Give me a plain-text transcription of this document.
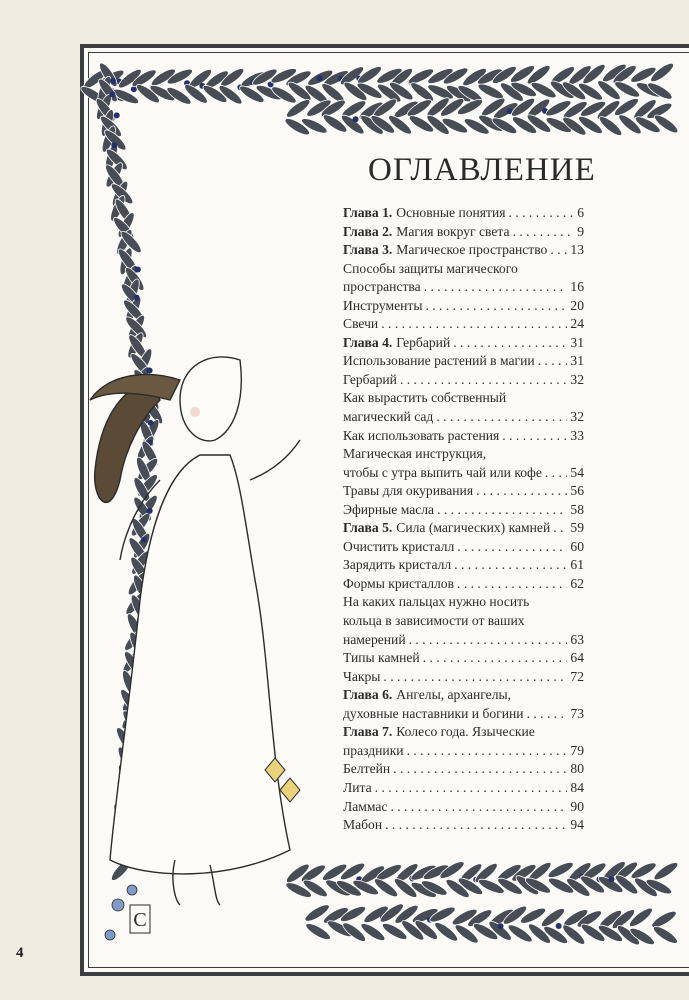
C
ОГЛАВЛЕНИЕ
Глава 1. Основные понятия . . .	6
Глава 2. Магия вокруг света . . .	9
Глава 3. Магическое пространство . . . 13
Способы защиты магического
пространства . . .	16
Инструменты . . .	20
Свечи . . .	24
Глава 4. Гербарий . . .	31
Использование растений в магии . . .	31
Гербарий . . .	32
Как вырастить собственный
магический сад . . .	32
Как использовать растения . . .	33
Магическая инструкция,
чтобы с утра выпить чай или кофе . . . 54
Травы для окуривания . . .	56
Эфирные масла . . .	58
Глава 5. Сила (магических) камней . . . 59
Очистить кристалл . . .	60
Зарядить кристалл . . .	61
Формы кристаллов . . .	62
На каких пальцах нужно носить
кольца в зависимости от ваших
намерений . . .	63
Типы камней . . .	64
Чакры . . .	72
Глава 6. Ангелы, архангелы,
духовные наставники и богини . . .	73
Глава 7. Колесо года. Языческие
праздники . . .	79
Белтейн . . .	80
Лита . . .	84
Ламмас . . .	90
Мабон . . .	94
4
